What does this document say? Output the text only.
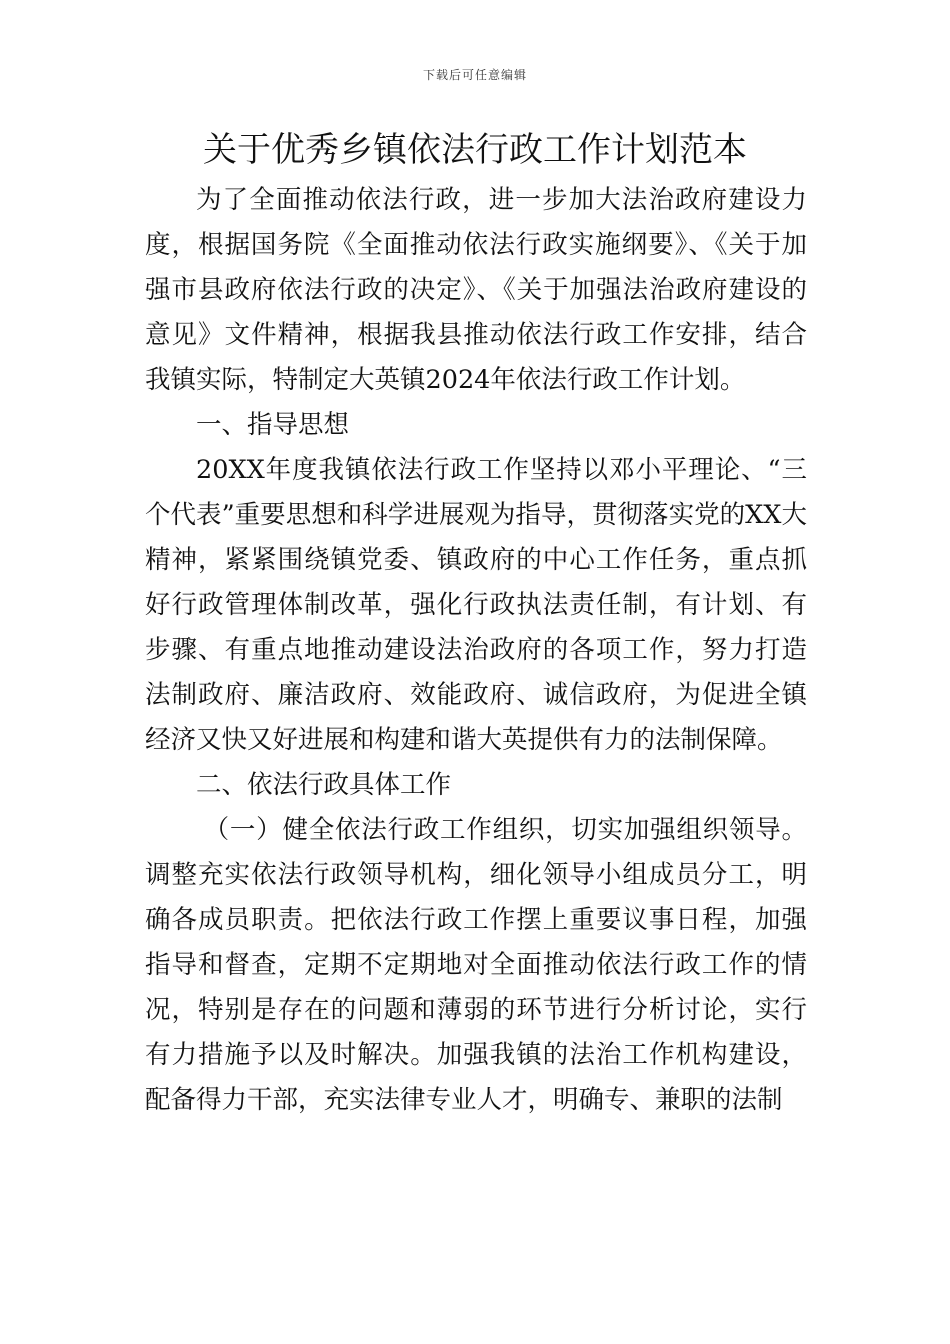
下载后可任意编辑
关于优秀乡镇依法行政工作计划范本

为了全面推动依法行政，进一步加大法治政府建设力度，根据国务院《全面推动依法行政实施纲要》、《关于加强市县政府依法行政的决定》、《关于加强法治政府建设的意见》文件精神，根据我县推动依法行政工作安排，结合我镇实际，特制定大英镇2024年依法行政工作计划。

一、指导思想

20XX年度我镇依法行政工作坚持以邓小平理论、“三个代表”重要思想和科学进展观为指导，贯彻落实党的XX大精神，紧紧围绕镇党委、镇政府的中心工作任务，重点抓好行政管理体制改革，强化行政执法责任制，有计划、有步骤、有重点地推动建设法治政府的各项工作，努力打造法制政府、廉洁政府、效能政府、诚信政府，为促进全镇经济又快又好进展和构建和谐大英提供有力的法制保障。

二、依法行政具体工作

（一）健全依法行政工作组织，切实加强组织领导。调整充实依法行政领导机构，细化领导小组成员分工，明确各成员职责。把依法行政工作摆上重要议事日程，加强指导和督查，定期不定期地对全面推动依法行政工作的情况，特别是存在的问题和薄弱的环节进行分析讨论，实行有力措施予以及时解决。加强我镇的法治工作机构建设，配备得力干部，充实法律专业人才，明确专、兼职的法制
